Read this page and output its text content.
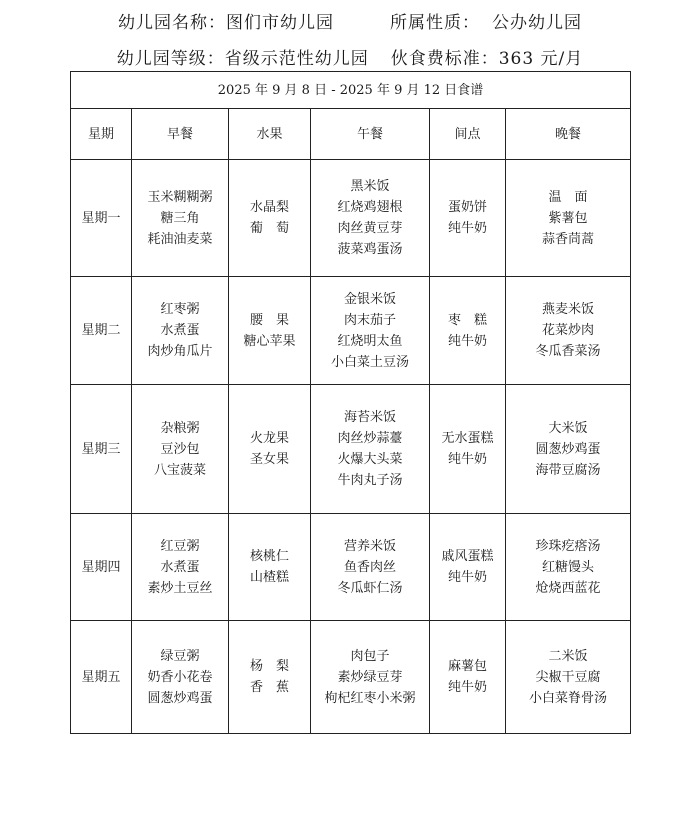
幼儿园名称：图们市幼儿园	所属性质： 公办幼儿园
幼儿园等级：省级示范性幼儿园 伙食费标准：363 元/月
2025 年 9 月 8 日 - 2025 年 9 月 12 日食谱					
星期	早餐	水果	午餐	间点	晚餐
星期一	玉米糊糊粥
糖三角
耗油油麦菜	水晶梨
葡　萄	黑米饭
红烧鸡翅根
肉丝黄豆芽
菠菜鸡蛋汤	蛋奶饼
纯牛奶	温　面
紫薯包
蒜香茼蒿

星期二	红枣粥
水煮蛋
肉炒角瓜片	腰　果
糖心苹果	金银米饭
肉末茄子
红烧明太鱼
小白菜土豆汤	枣　糕
纯牛奶	燕麦米饭
花菜炒肉
冬瓜香菜汤

星期三	杂粮粥
豆沙包
八宝菠菜	火龙果
圣女果	海苔米饭
肉丝炒蒜薹
火爆大头菜
牛肉丸子汤	无水蛋糕
纯牛奶	大米饭
圆葱炒鸡蛋
海带豆腐汤

星期四	红豆粥
水煮蛋
素炒土豆丝	核桃仁
山楂糕	营养米饭
鱼香肉丝
冬瓜虾仁汤	戚风蛋糕
纯牛奶	珍珠疙瘩汤
红糖馒头
炝烧西蓝花

星期五	绿豆粥
奶香小花卷
圆葱炒鸡蛋	杨　梨
香　蕉	肉包子
素炒绿豆芽
枸杞红枣小米粥	麻薯包
纯牛奶	二米饭
尖椒干豆腐
小白菜脊骨汤
